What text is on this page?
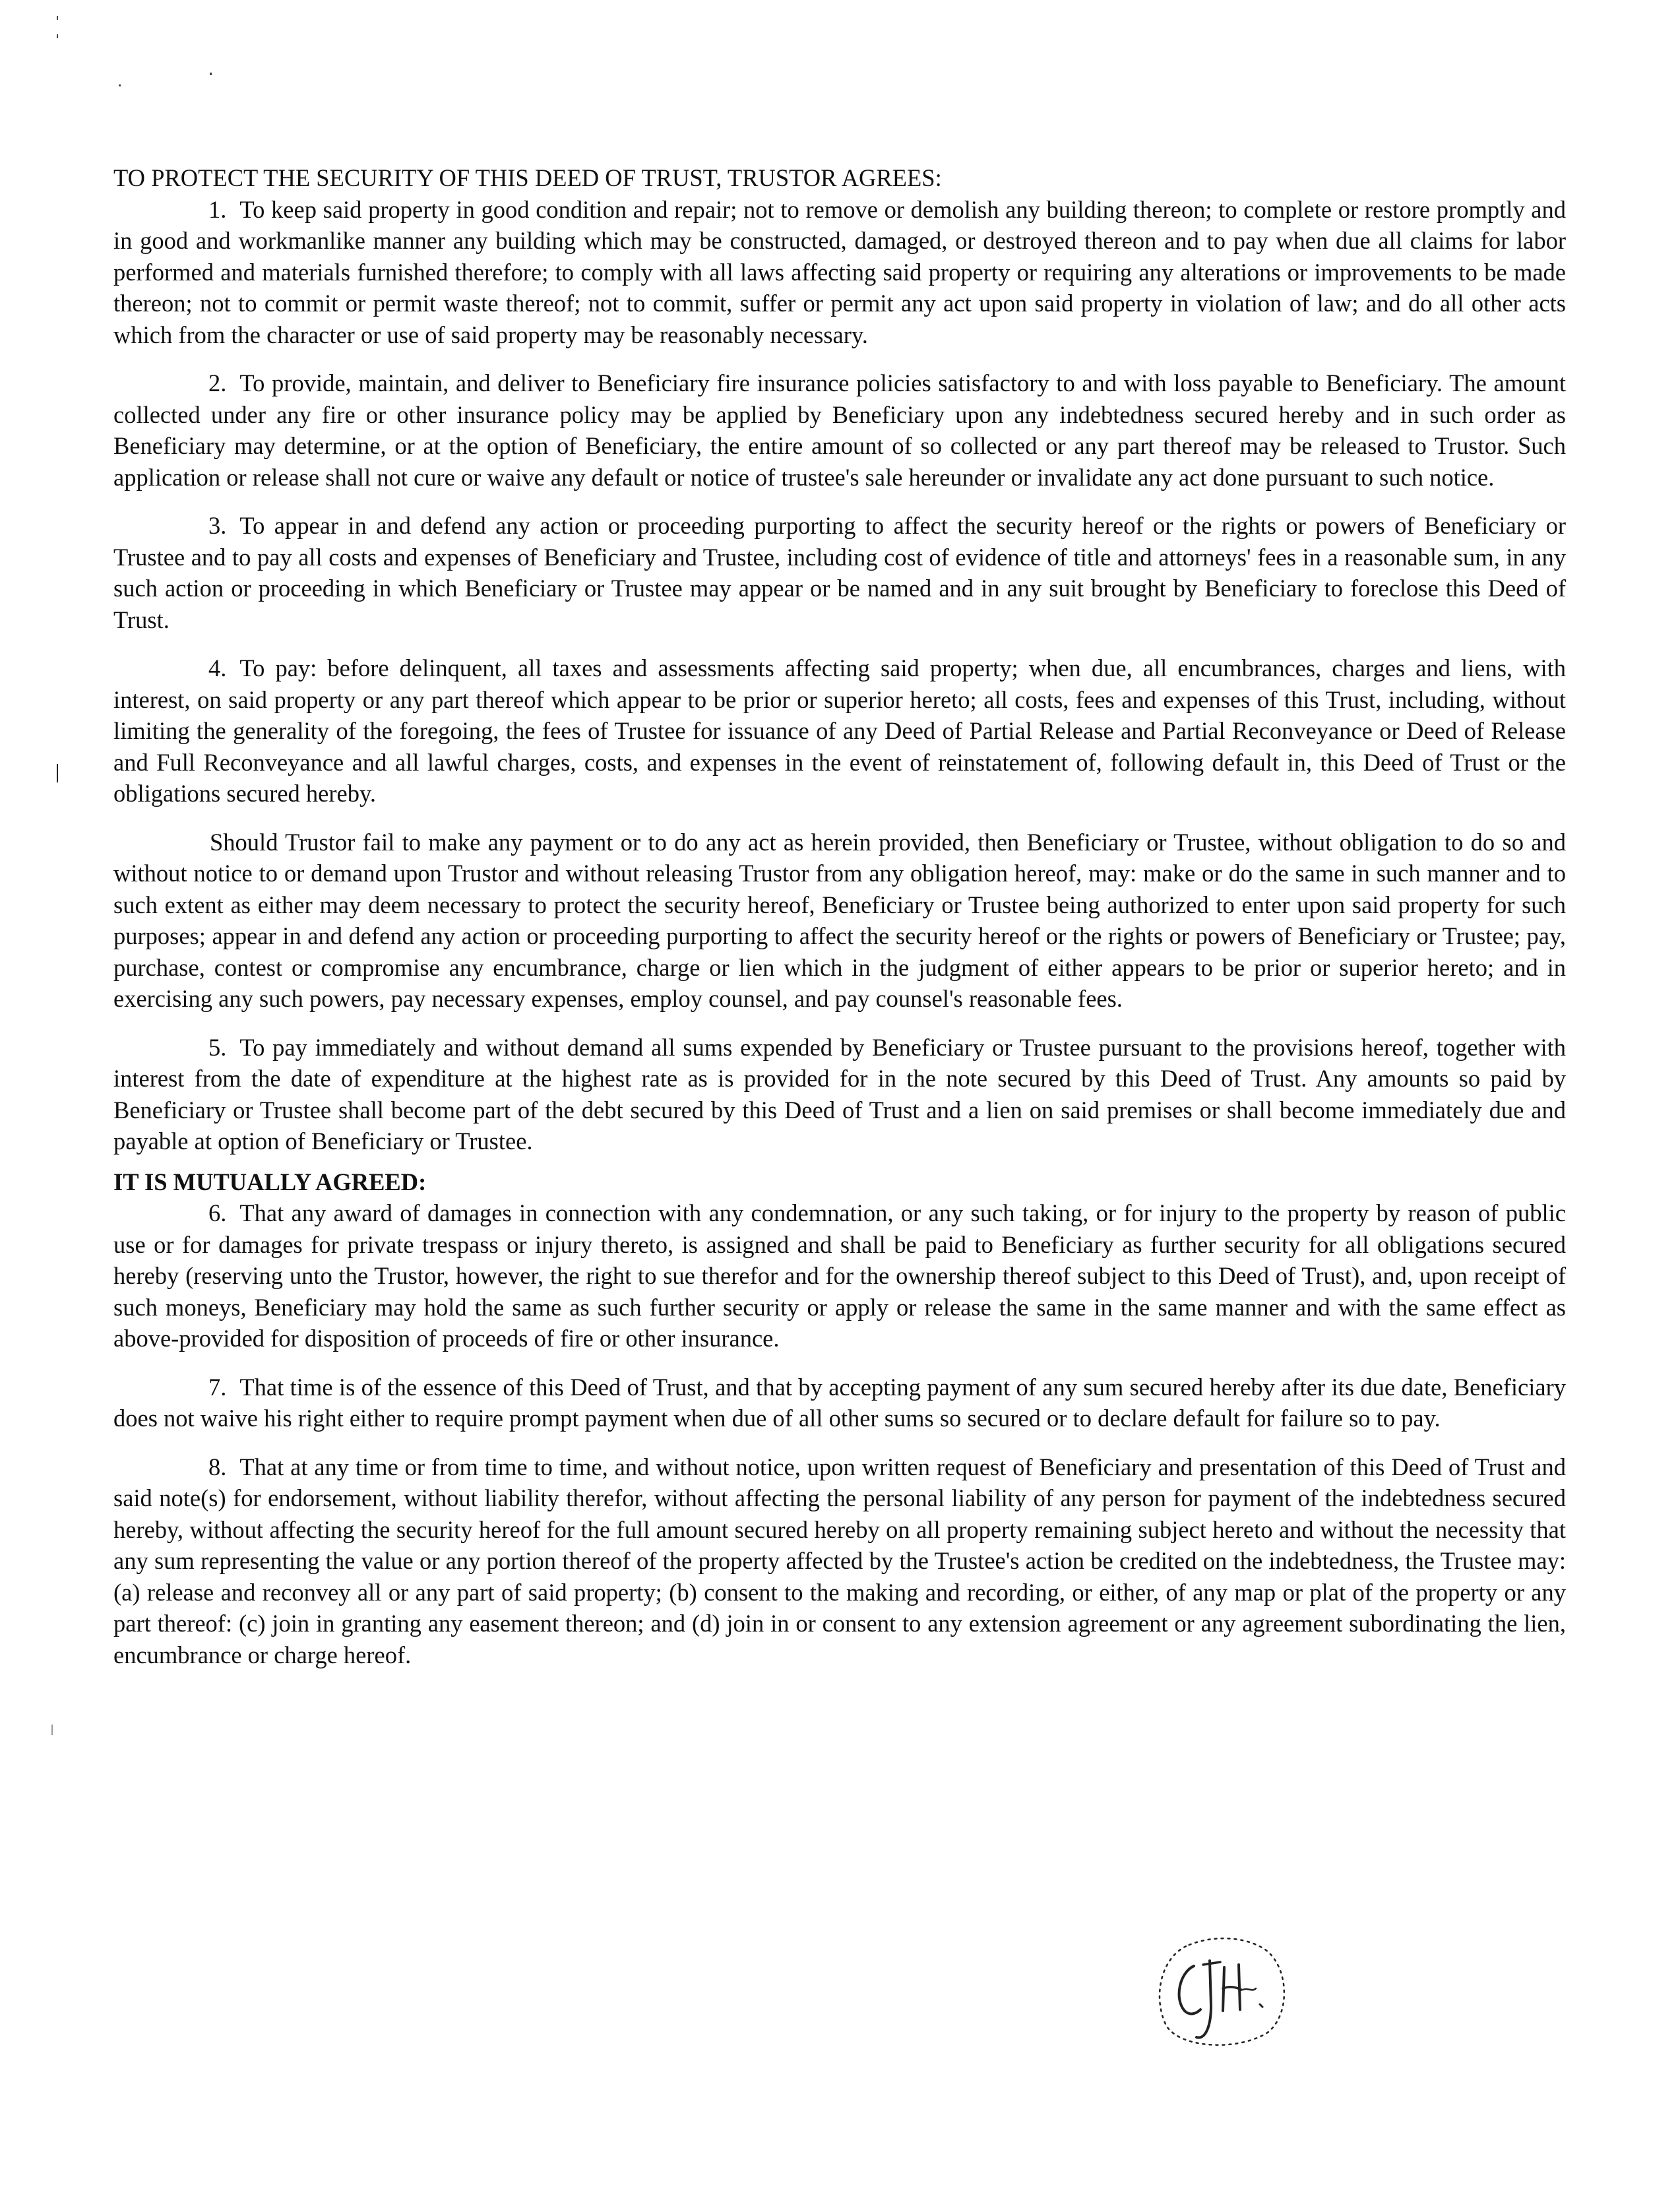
TO PROTECT THE SECURITY OF THIS DEED OF TRUST, TRUSTOR AGREES:

1. To keep said property in good condition and repair; not to remove or demolish any building thereon; to complete or restore promptly and in good and workmanlike manner any building which may be constructed, damaged, or destroyed thereon and to pay when due all claims for labor performed and materials furnished therefore; to comply with all laws affecting said property or requiring any alterations or improvements to be made thereon; not to commit or permit waste thereof; not to commit, suffer or permit any act upon said property in violation of law; and do all other acts which from the character or use of said property may be reasonably necessary.

2. To provide, maintain, and deliver to Beneficiary fire insurance policies satisfactory to and with loss payable to Beneficiary. The amount collected under any fire or other insurance policy may be applied by Beneficiary upon any indebtedness secured hereby and in such order as Beneficiary may determine, or at the option of Beneficiary, the entire amount of so collected or any part thereof may be released to Trustor. Such application or release shall not cure or waive any default or notice of trustee's sale hereunder or invalidate any act done pursuant to such notice.

3. To appear in and defend any action or proceeding purporting to affect the security hereof or the rights or powers of Beneficiary or Trustee and to pay all costs and expenses of Beneficiary and Trustee, including cost of evidence of title and attorneys' fees in a reasonable sum, in any such action or proceeding in which Beneficiary or Trustee may appear or be named and in any suit brought by Beneficiary to foreclose this Deed of Trust.

4. To pay: before delinquent, all taxes and assessments affecting said property; when due, all encumbrances, charges and liens, with interest, on said property or any part thereof which appear to be prior or superior hereto; all costs, fees and expenses of this Trust, including, without limiting the generality of the foregoing, the fees of Trustee for issuance of any Deed of Partial Release and Partial Reconveyance or Deed of Release and Full Reconveyance and all lawful charges, costs, and expenses in the event of reinstatement of, following default in, this Deed of Trust or the obligations secured hereby.

Should Trustor fail to make any payment or to do any act as herein provided, then Beneficiary or Trustee, without obligation to do so and without notice to or demand upon Trustor and without releasing Trustor from any obligation hereof, may: make or do the same in such manner and to such extent as either may deem necessary to protect the security hereof, Beneficiary or Trustee being authorized to enter upon said property for such purposes; appear in and defend any action or proceeding purporting to affect the security hereof or the rights or powers of Beneficiary or Trustee; pay, purchase, contest or compromise any encumbrance, charge or lien which in the judgment of either appears to be prior or superior hereto; and in exercising any such powers, pay necessary expenses, employ counsel, and pay counsel's reasonable fees.

5. To pay immediately and without demand all sums expended by Beneficiary or Trustee pursuant to the provisions hereof, together with interest from the date of expenditure at the highest rate as is provided for in the note secured by this Deed of Trust. Any amounts so paid by Beneficiary or Trustee shall become part of the debt secured by this Deed of Trust and a lien on said premises or shall become immediately due and payable at option of Beneficiary or Trustee.

IT IS MUTUALLY AGREED:

6. That any award of damages in connection with any condemnation, or any such taking, or for injury to the property by reason of public use or for damages for private trespass or injury thereto, is assigned and shall be paid to Beneficiary as further security for all obligations secured hereby (reserving unto the Trustor, however, the right to sue therefor and for the ownership thereof subject to this Deed of Trust), and, upon receipt of such moneys, Beneficiary may hold the same as such further security or apply or release the same in the same manner and with the same effect as above-provided for disposition of proceeds of fire or other insurance.

7. That time is of the essence of this Deed of Trust, and that by accepting payment of any sum secured hereby after its due date, Beneficiary does not waive his right either to require prompt payment when due of all other sums so secured or to declare default for failure so to pay.

8. That at any time or from time to time, and without notice, upon written request of Beneficiary and presentation of this Deed of Trust and said note(s) for endorsement, without liability therefor, without affecting the personal liability of any person for payment of the indebtedness secured hereby, without affecting the security hereof for the full amount secured hereby on all property remaining subject hereto and without the necessity that any sum representing the value or any portion thereof of the property affected by the Trustee's action be credited on the indebtedness, the Trustee may: (a) release and reconvey all or any part of said property; (b) consent to the making and recording, or either, of any map or plat of the property or any part thereof: (c) join in granting any easement thereon; and (d) join in or consent to any extension agreement or any agreement subordinating the lien, encumbrance or charge hereof.
